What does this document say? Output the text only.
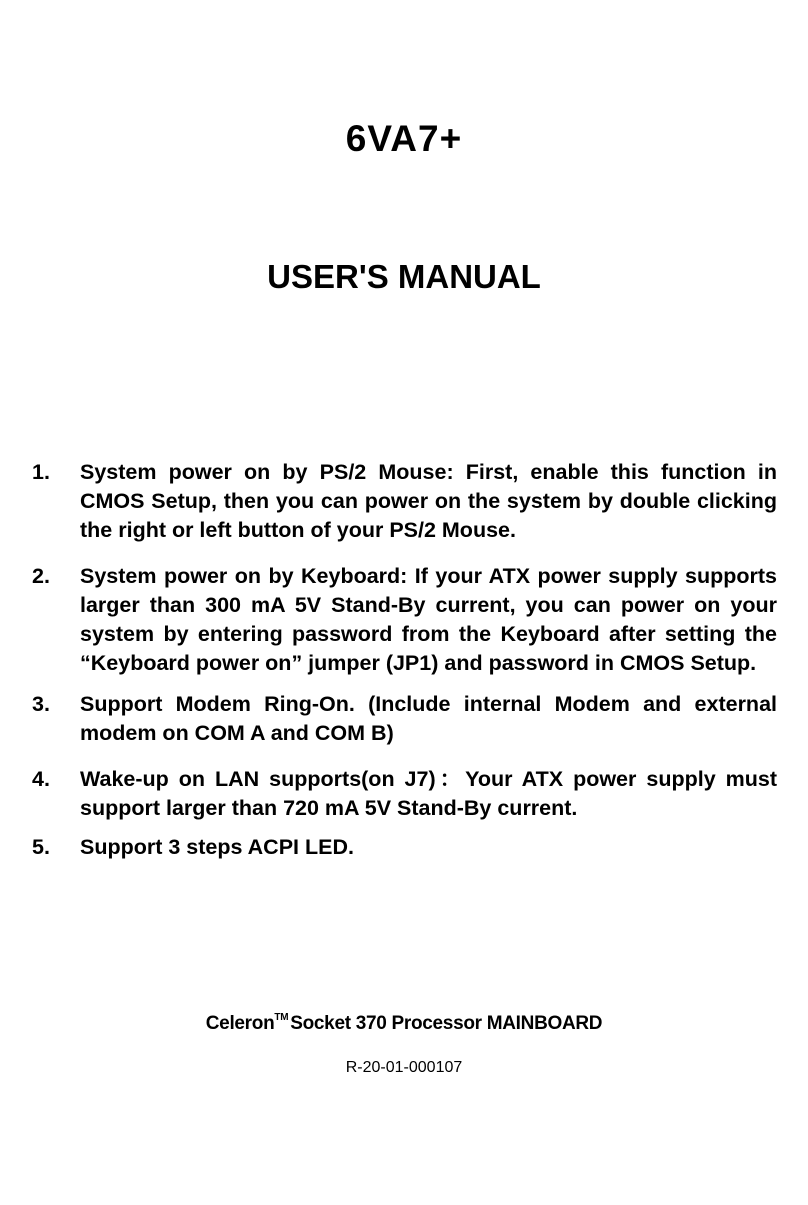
6VA7+
USER'S MANUAL
1.	System power on by PS/2 Mouse: First, enable this function in CMOS Setup, then you can power on the system by double clicking the right or left button of your PS/2 Mouse.
2.	System power on by Keyboard: If your ATX power supply supports larger than 300 mA 5V Stand-By current, you can power on your system by entering password from the Keyboard after setting the “Keyboard power on” jumper (JP1) and password in CMOS Setup.
3.	Support Modem Ring-On. (Include internal Modem and external modem on COM A and COM B)
4.	Wake-up on LAN supports(on J7)：Your ATX power supply must support larger than 720 mA 5V Stand-By current.
5.	Support 3 steps ACPI LED.
Celeron™ Socket 370 Processor MAINBOARD
R-20-01-000107
